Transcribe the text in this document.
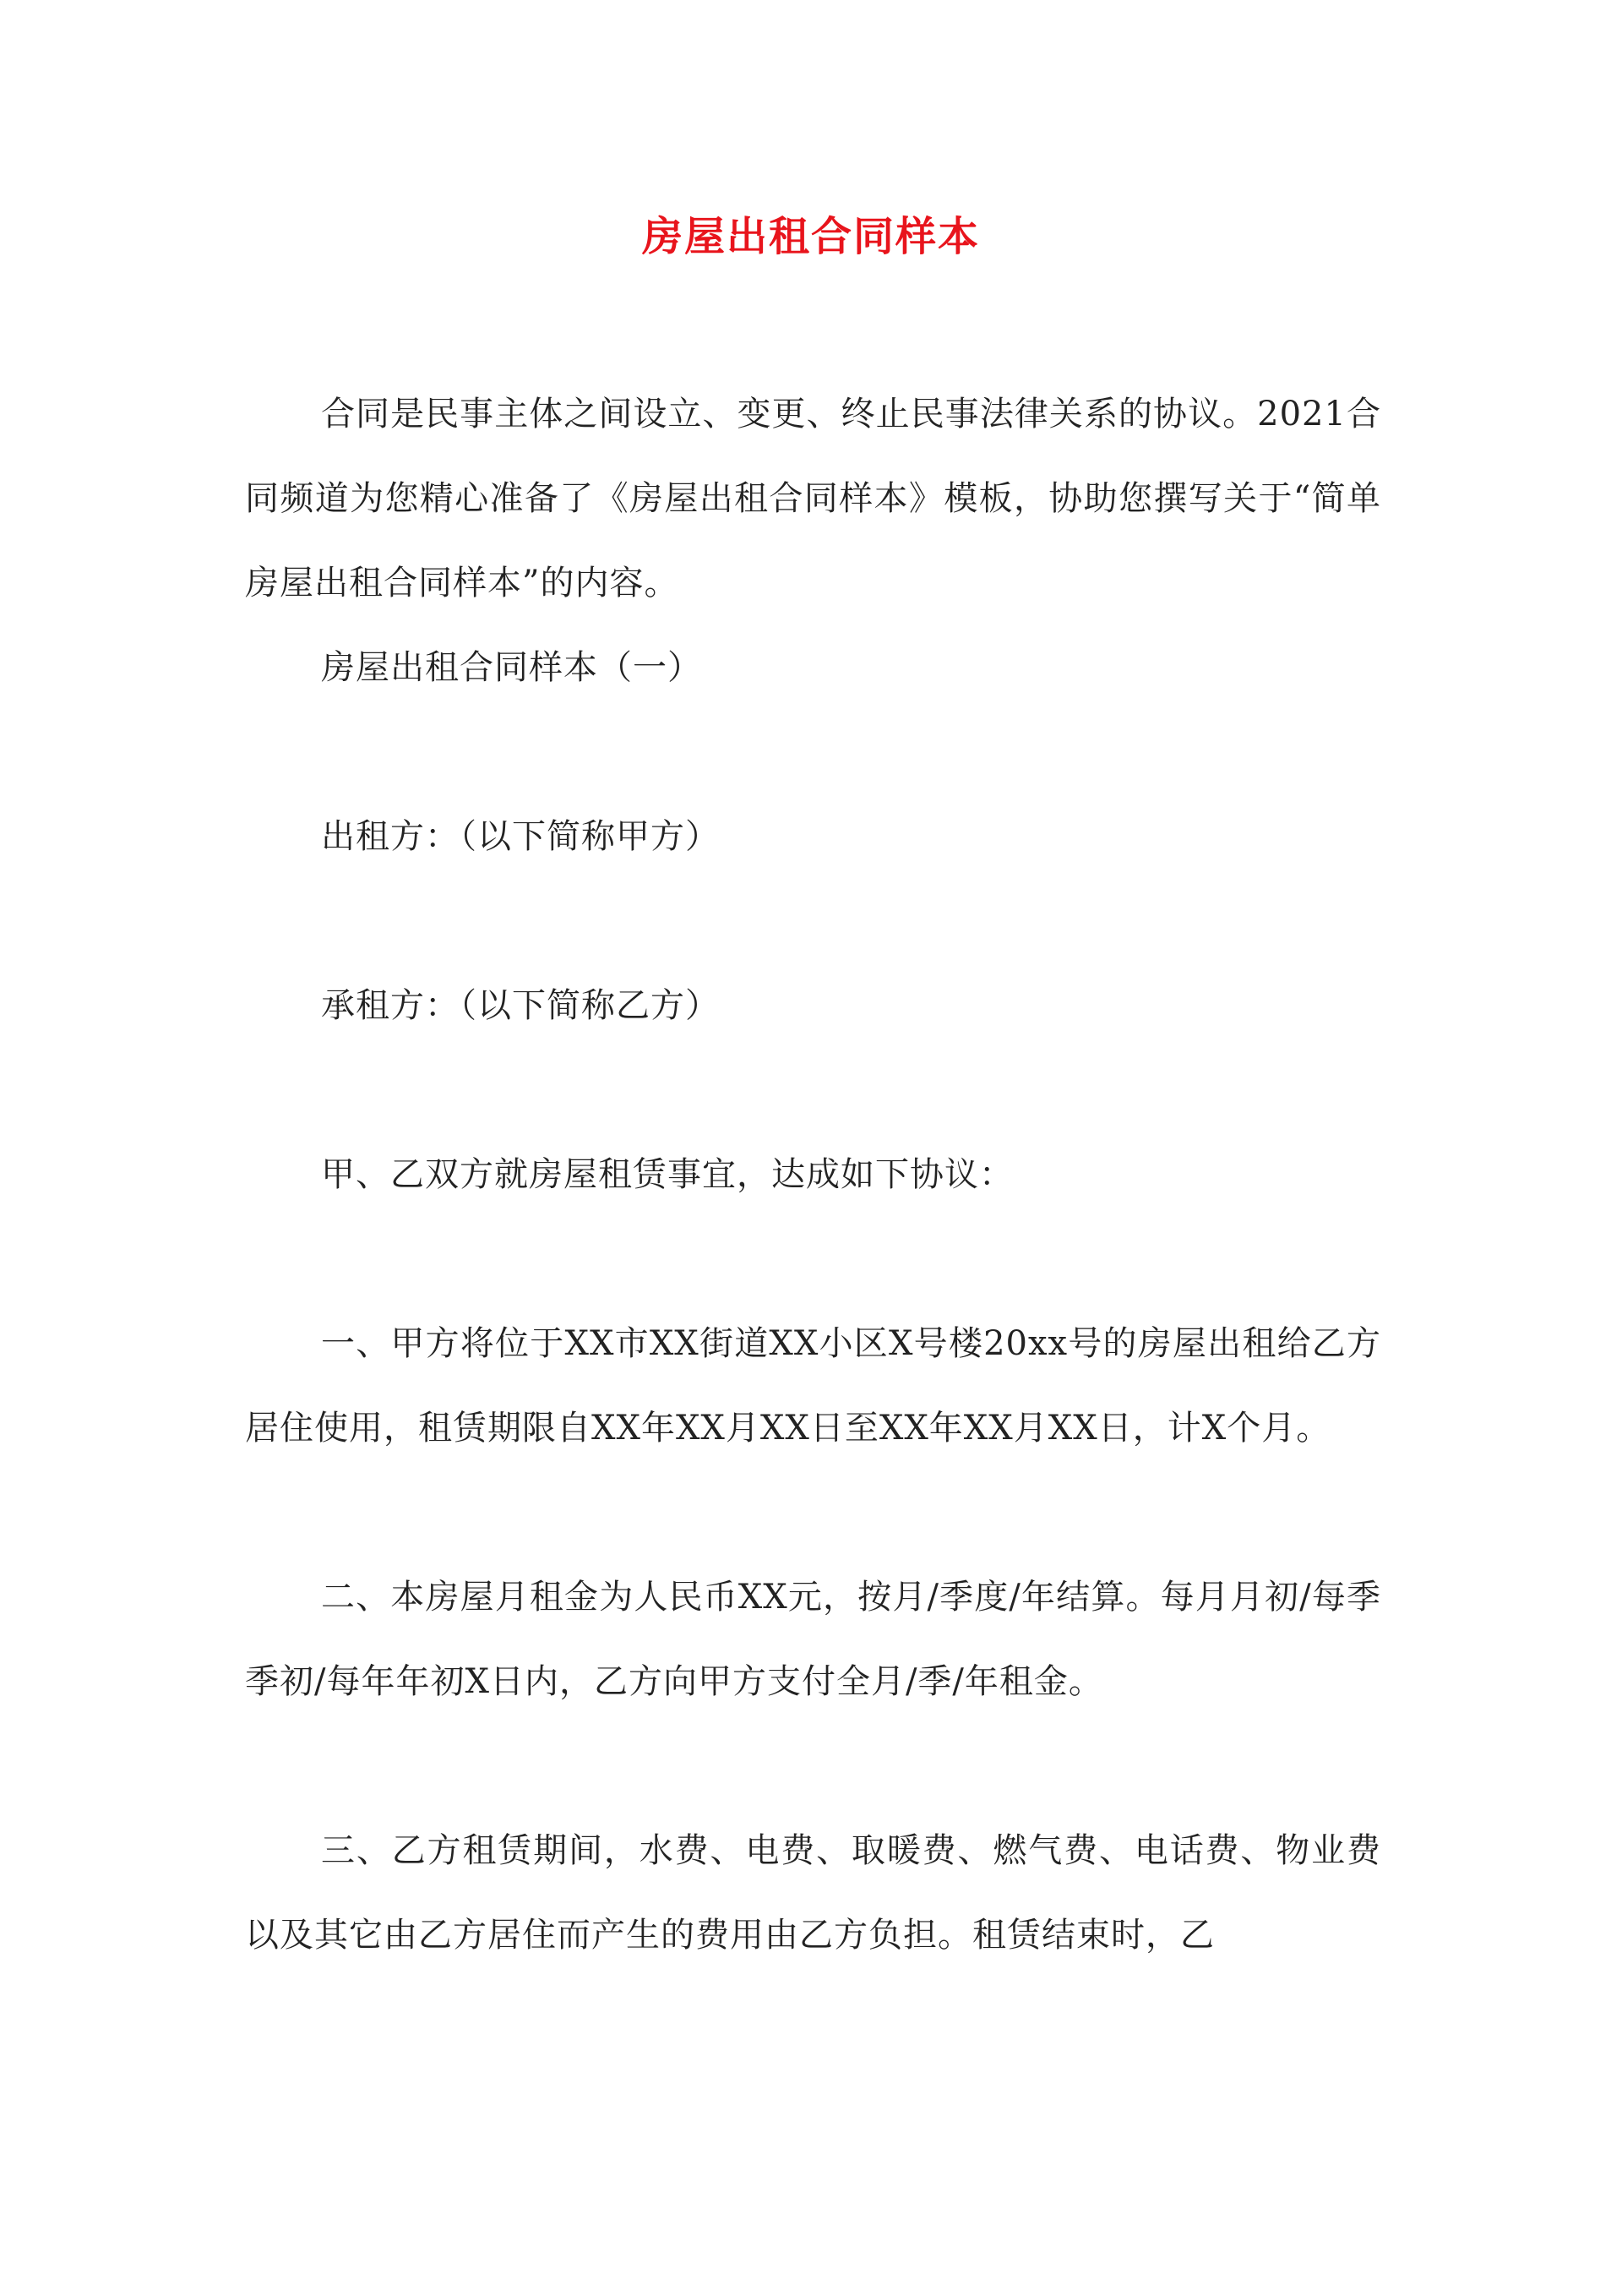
房屋出租合同样本

合同是民事主体之间设立、变更、终止民事法律关系的协议。2021合同频道为您精心准备了《房屋出租合同样本》模板，协助您撰写关于“简单房屋出租合同样本”的内容。

房屋出租合同样本（一）

出租方：（以下简称甲方）

承租方：（以下简称乙方）

甲、乙双方就房屋租赁事宜，达成如下协议：

一、甲方将位于XX市XX街道XX小区X号楼20xx号的房屋出租给乙方居住使用，租赁期限自XX年XX月XX日至XX年XX月XX日，计X个月。

二、本房屋月租金为人民币XX元，按月/季度/年结算。每月月初/每季季初/每年年初X日内，乙方向甲方支付全月/季/年租金。

三、乙方租赁期间，水费、电费、取暖费、燃气费、电话费、物业费以及其它由乙方居住而产生的费用由乙方负担。租赁结束时，乙
